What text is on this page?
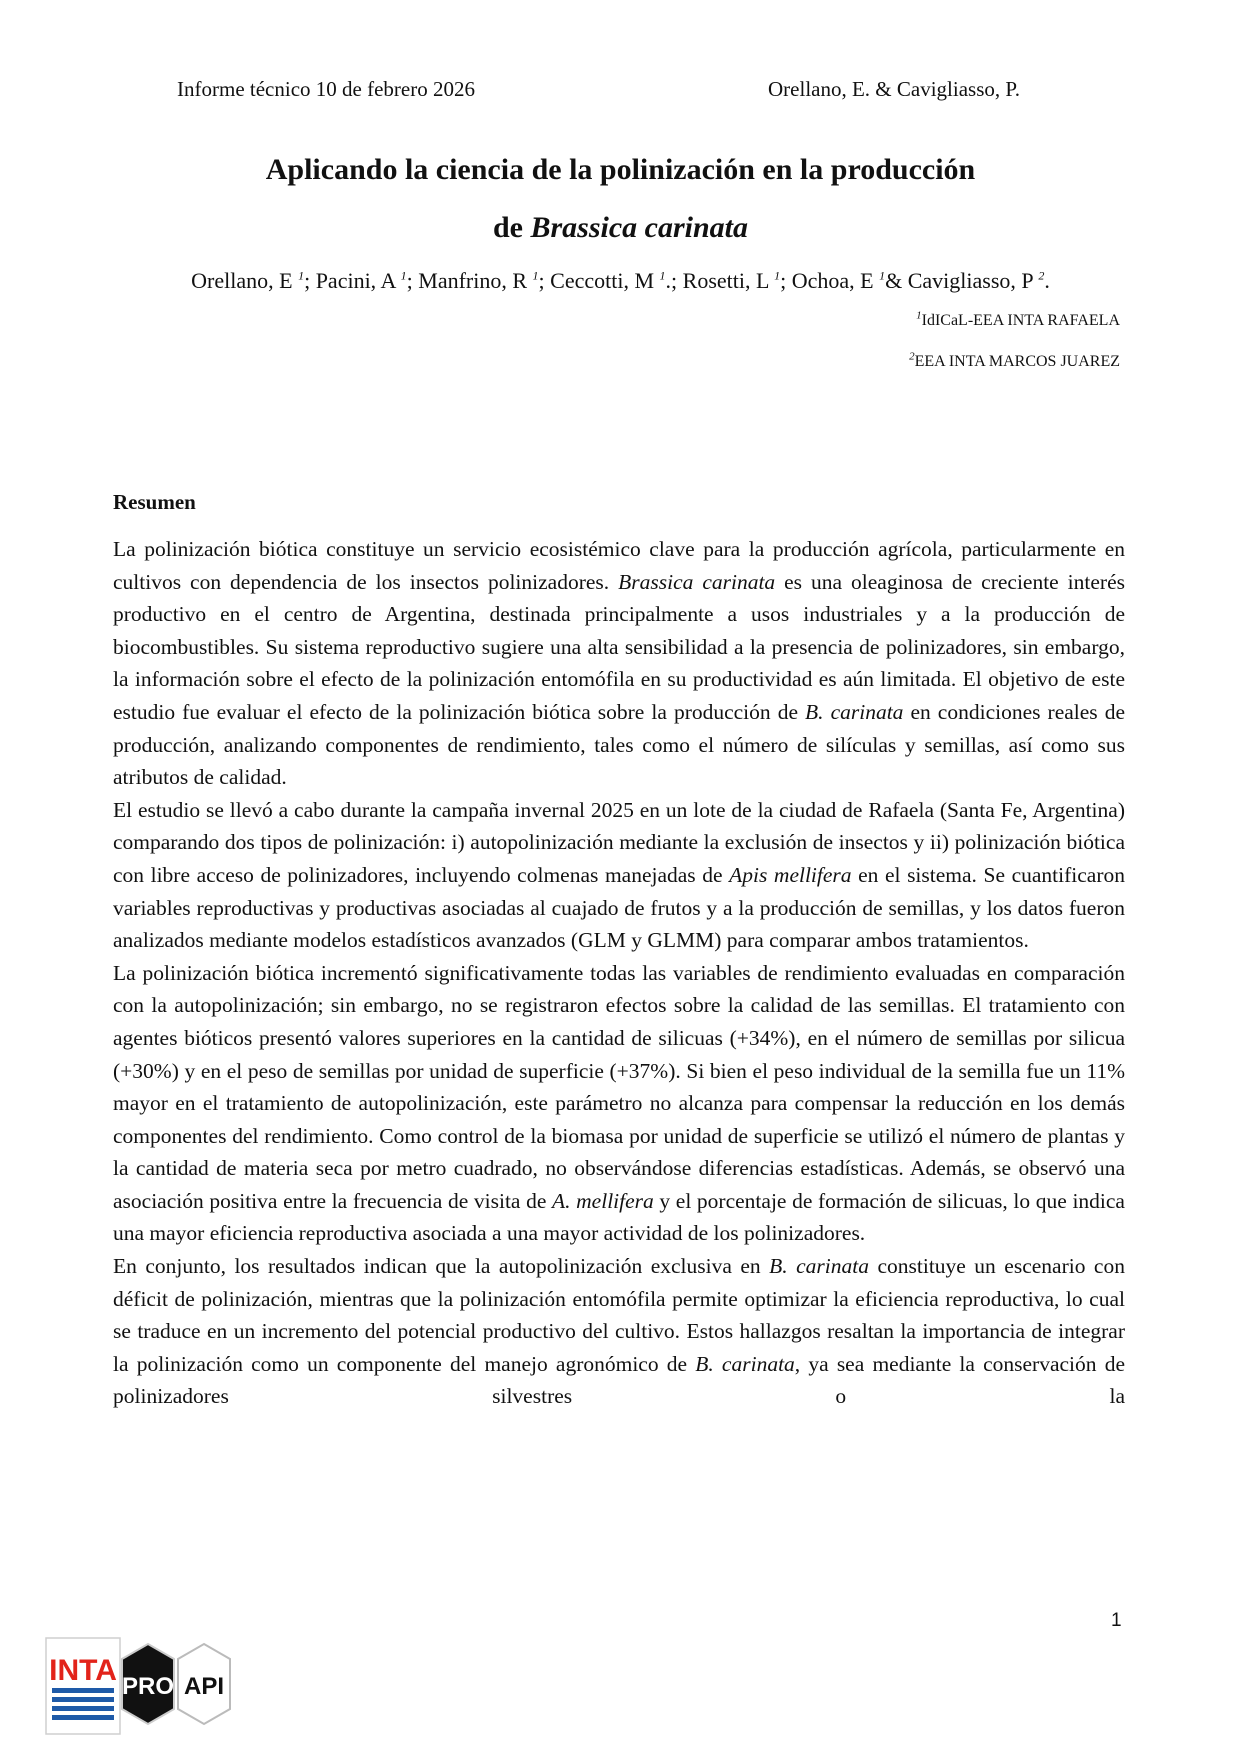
Informe técnico 10 de febrero 2026	Orellano, E. & Cavigliasso, P.
Aplicando la ciencia de la polinización en la producción
de Brassica carinata
Orellano, E $^1$; Pacini, A $^1$; Manfrino, R $^1$; Ceccotti, M $^1$.; Rosetti, L $^1$; Ochoa, E $^1$& Cavigliasso, P $^2$.
$^1$IdICaL-EEA INTA RAFAELA
$^2$EEA INTA MARCOS JUAREZ
Resumen

La polinización biótica constituye un servicio ecosistémico clave para la producción agrícola, particularmente en cultivos con dependencia de los insectos polinizadores. Brassica carinata es una oleaginosa de creciente interés productivo en el centro de Argentina, destinada principalmente a usos industriales y a la producción de biocombustibles. Su sistema reproductivo sugiere una alta sensibilidad a la presencia de polinizadores, sin embargo, la información sobre el efecto de la polinización entomófila en su productividad es aún limitada. El objetivo de este estudio fue evaluar el efecto de la polinización biótica sobre la producción de B. carinata en condiciones reales de producción, analizando componentes de rendimiento, tales como el número de silículas y semillas, así como sus atributos de calidad.

El estudio se llevó a cabo durante la campaña invernal 2025 en un lote de la ciudad de Rafaela (Santa Fe, Argentina) comparando dos tipos de polinización: i) autopolinización mediante la exclusión de insectos y ii) polinización biótica con libre acceso de polinizadores, incluyendo colmenas manejadas de Apis mellifera en el sistema. Se cuantificaron variables reproductivas y productivas asociadas al cuajado de frutos y a la producción de semillas, y los datos fueron analizados mediante modelos estadísticos avanzados (GLM y GLMM) para comparar ambos tratamientos.

La polinización biótica incrementó significativamente todas las variables de rendimiento evaluadas en comparación con la autopolinización; sin embargo, no se registraron efectos sobre la calidad de las semillas. El tratamiento con agentes bióticos presentó valores superiores en la cantidad de silicuas (+34%), en el número de semillas por silicua (+30%) y en el peso de semillas por unidad de superficie (+37%). Si bien el peso individual de la semilla fue un 11% mayor en el tratamiento de autopolinización, este parámetro no alcanza para compensar la reducción en los demás componentes del rendimiento. Como control de la biomasa por unidad de superficie se utilizó el número de plantas y la cantidad de materia seca por metro cuadrado, no observándose diferencias estadísticas. Además, se observó una asociación positiva entre la frecuencia de visita de A. mellifera y el porcentaje de formación de silicuas, lo que indica una mayor eficiencia reproductiva asociada a una mayor actividad de los polinizadores.

En conjunto, los resultados indican que la autopolinización exclusiva en B. carinata constituye un escenario con déficit de polinización, mientras que la polinización entomófila permite optimizar la eficiencia reproductiva, lo cual se traduce en un incremento del potencial productivo del cultivo. Estos hallazgos resaltan la importancia de integrar la polinización como un componente del manejo agronómico de B. carinata, ya sea mediante la conservación de polinizadores silvestres o la

1
INTA PRO API
